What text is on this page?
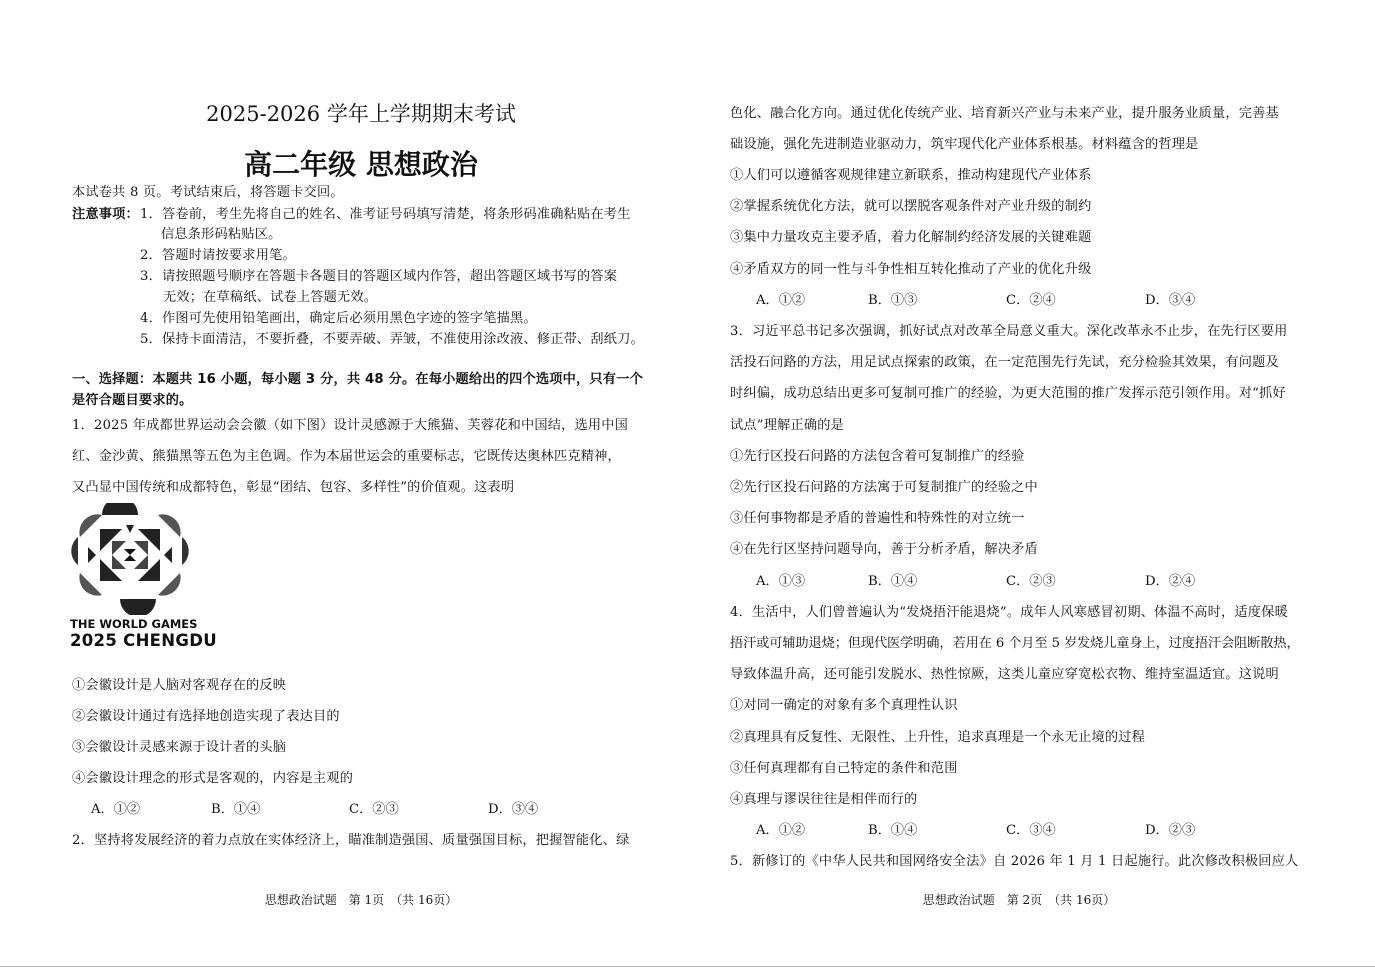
2025-2026 学年上学期期末考试
高二年级 思想政治
本试卷共 8 页。考试结束后，将答题卡交回。
注意事项： 1．答卷前，考生先将自己的姓名、准考证号码填写清楚，将条形码准确粘贴在考生
信息条形码粘贴区。
2．答题时请按要求用笔。
3．请按照题号顺序在答题卡各题目的答题区域内作答，超出答题区域书写的答案
无效；在草稿纸、试卷上答题无效。
4．作图可先使用铅笔画出，确定后必须用黑色字迹的签字笔描黑。
5．保持卡面清洁，不要折叠，不要弄破、弄皱，不准使用涂改液、修正带、刮纸刀。
一、选择题：本题共 16 小题，每小题 3 分，共 48 分。在每小题给出的四个选项中，只有一个
是符合题目要求的。
1．2025 年成都世界运动会会徽（如下图）设计灵感源于大熊猫、芙蓉花和中国结，选用中国
红、金沙黄、熊猫黑等五色为主色调。作为本届世运会的重要标志，它既传达奥林匹克精神，
又凸显中国传统和成都特色，彰显“团结、包容、多样性”的价值观。这表明
THE WORLD GAMES
2025 CHENGDU
①会徽设计是人脑对客观存在的反映
②会徽设计通过有选择地创造实现了表达目的
③会徽设计灵感来源于设计者的头脑
④会徽设计理念的形式是客观的，内容是主观的
A．①②	B．①④	C．②③	D．③④
2．坚持将发展经济的着力点放在实体经济上，瞄准制造强国、质量强国目标，把握智能化、绿
思想政治试题　第 1页　（共 16页）
色化、融合化方向。通过优化传统产业、培育新兴产业与未来产业，提升服务业质量，完善基
础设施，强化先进制造业驱动力，筑牢现代化产业体系根基。材料蕴含的哲理是
①人们可以遵循客观规律建立新联系，推动构建现代产业体系
②掌握系统优化方法，就可以摆脱客观条件对产业升级的制约
③集中力量攻克主要矛盾，着力化解制约经济发展的关键难题
④矛盾双方的同一性与斗争性相互转化推动了产业的优化升级
A．①②	B．①③	C．②④	D．③④
3．习近平总书记多次强调，抓好试点对改革全局意义重大。深化改革永不止步，在先行区要用
活投石问路的方法，用足试点探索的政策，在一定范围先行先试，充分检验其效果，有问题及
时纠偏，成功总结出更多可复制可推广的经验，为更大范围的推广发挥示范引领作用。对“抓好
试点”理解正确的是
①先行区投石问路的方法包含着可复制推广的经验
②先行区投石问路的方法寓于可复制推广的经验之中
③任何事物都是矛盾的普遍性和特殊性的对立统一
④在先行区坚持问题导向，善于分析矛盾，解决矛盾
A．①③	B．①④	C．②③	D．②④
4．生活中，人们曾普遍认为“发烧捂汗能退烧”。成年人风寒感冒初期、体温不高时，适度保暖
捂汗或可辅助退烧；但现代医学明确，若用在 6 个月至 5 岁发烧儿童身上，过度捂汗会阻断散热，
导致体温升高，还可能引发脱水、热性惊厥，这类儿童应穿宽松衣物、维持室温适宜。这说明
①对同一确定的对象有多个真理性认识
②真理具有反复性、无限性、上升性，追求真理是一个永无止境的过程
③任何真理都有自己特定的条件和范围
④真理与谬误往往是相伴而行的
A．①②	B．①④	C．③④	D．②③
5．新修订的《中华人民共和国网络安全法》自 2026 年 1 月 1 日起施行。此次修改积极回应人
思想政治试题　第 2页　（共 16页）
